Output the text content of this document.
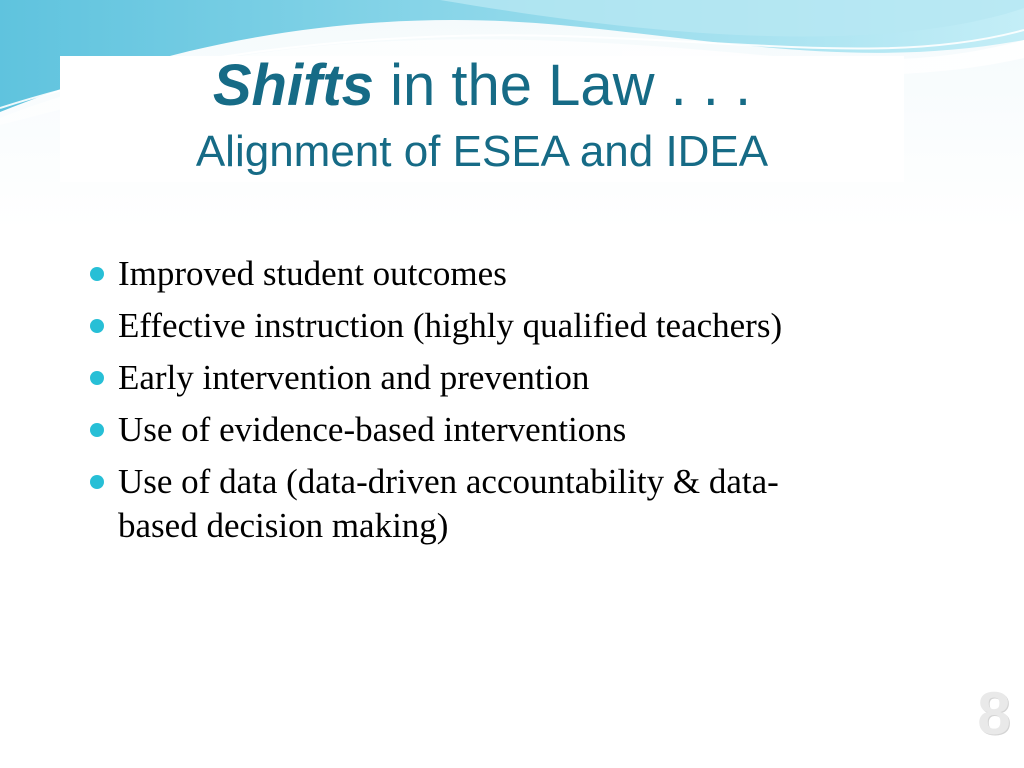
Shifts in the Law . . .
Alignment of ESEA and IDEA
Improved student outcomes
Effective instruction (highly qualified teachers)
Early intervention and prevention
Use of evidence-based interventions
Use of data (data-driven accountability & data-based decision making)
8
